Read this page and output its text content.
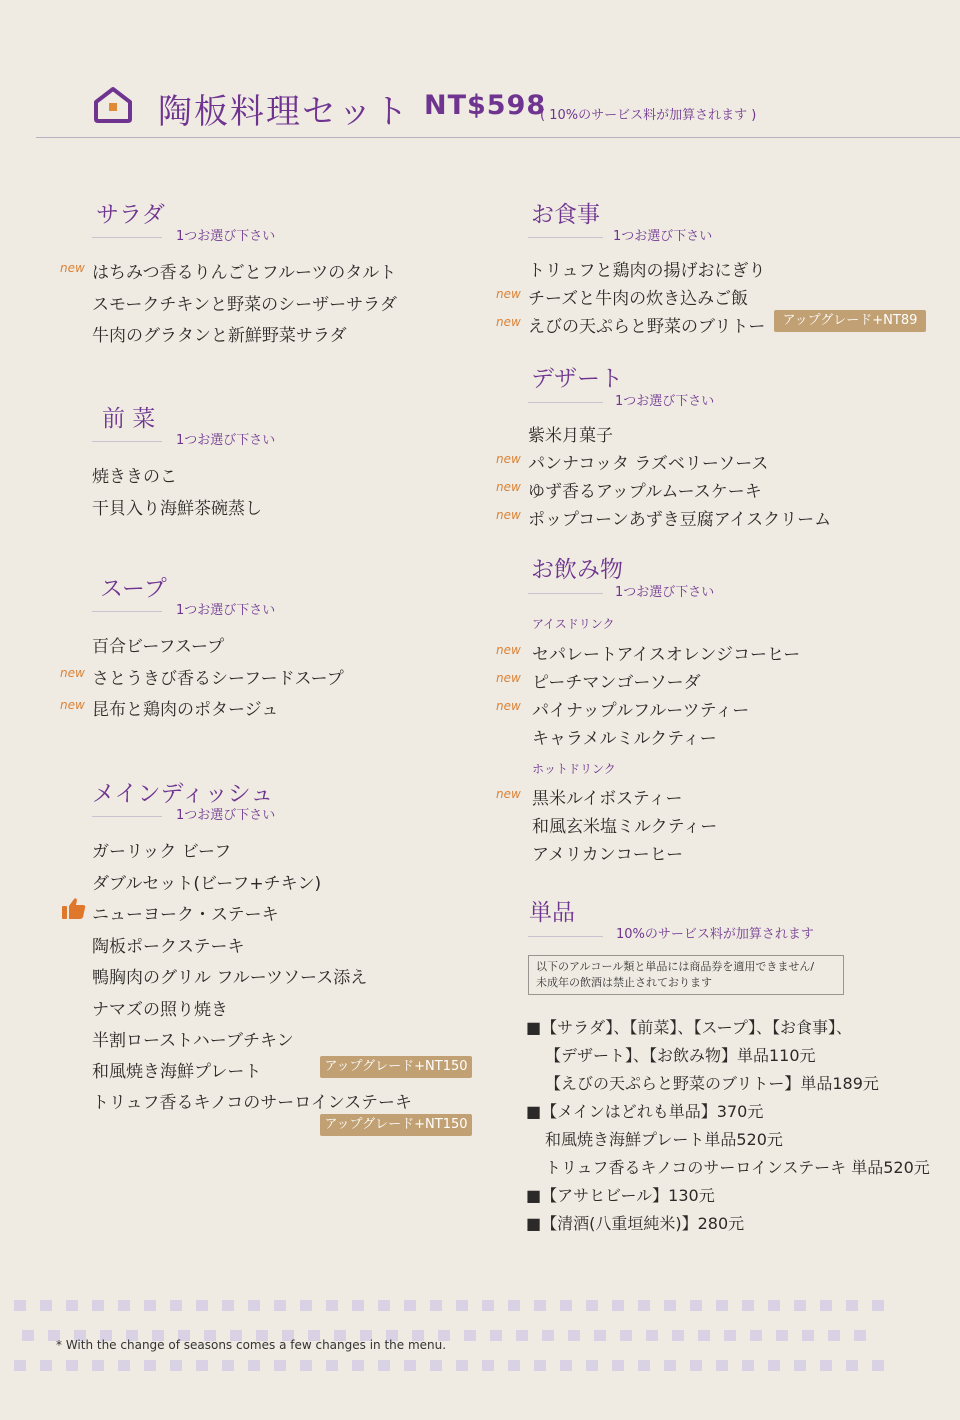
陶板料理セット NT$598
( 10%のサービス料が加算されます )
サラダ
1つお選び下さい
new はちみつ香るりんごとフルーツのタルト
スモークチキンと野菜のシーザーサラダ
牛肉のグラタンと新鮮野菜サラダ
前 菜
1つお選び下さい
焼ききのこ
干貝入り海鮮茶碗蒸し
スープ
1つお選び下さい
百合ビーフスープ
new さとうきび香るシーフードスープ
new 昆布と鶏肉のポタージュ
メインディッシュ
1つお選び下さい
ガーリック ビーフ
ダブルセット(ビーフ+チキン)
ニューヨーク・ステーキ
陶板ポークステーキ
鴨胸肉のグリル フルーツソース添え
ナマズの照り焼き
半割ローストハーブチキン
和風焼き海鮮プレート	アップグレード+NT150
トリュフ香るキノコのサーロインステーキ
アップグレード+NT150
お食事
1つお選び下さい
トリュフと鶏肉の揚げおにぎり
new チーズと牛肉の炊き込みご飯
new えびの天ぷらと野菜のブリトー	アップグレード+NT89
デザート
1つお選び下さい
紫米月菓子
new パンナコッタ ラズベリーソース
new ゆず香るアップルムースケーキ
new ポップコーンあずき豆腐アイスクリーム
お飲み物
1つお選び下さい
アイスドリンク
new セパレートアイスオレンジコーヒー
new ピーチマンゴーソーダ
new パイナップルフルーツティー
キャラメルミルクティー
ホットドリンク
new 黒米ルイボスティー
和風玄米塩ミルクティー
アメリカンコーヒー
単品
10%のサービス料が加算されます
以下のアルコール類と単品には商品券を適用できません/
未成年の飲酒は禁止されております
■【サラダ】、【前菜】、【スープ】、【お食事】、
【デザート】、【お飲み物】単品110元
【えびの天ぷらと野菜のブリトー】単品189元
■【メインはどれも単品】370元
和風焼き海鮮プレート単品520元
トリュフ香るキノコのサーロインステーキ 単品520元
■【アサヒビール】130元
■【清酒(八重垣純米)】280元
* With the change of seasons comes a few changes in the menu.
